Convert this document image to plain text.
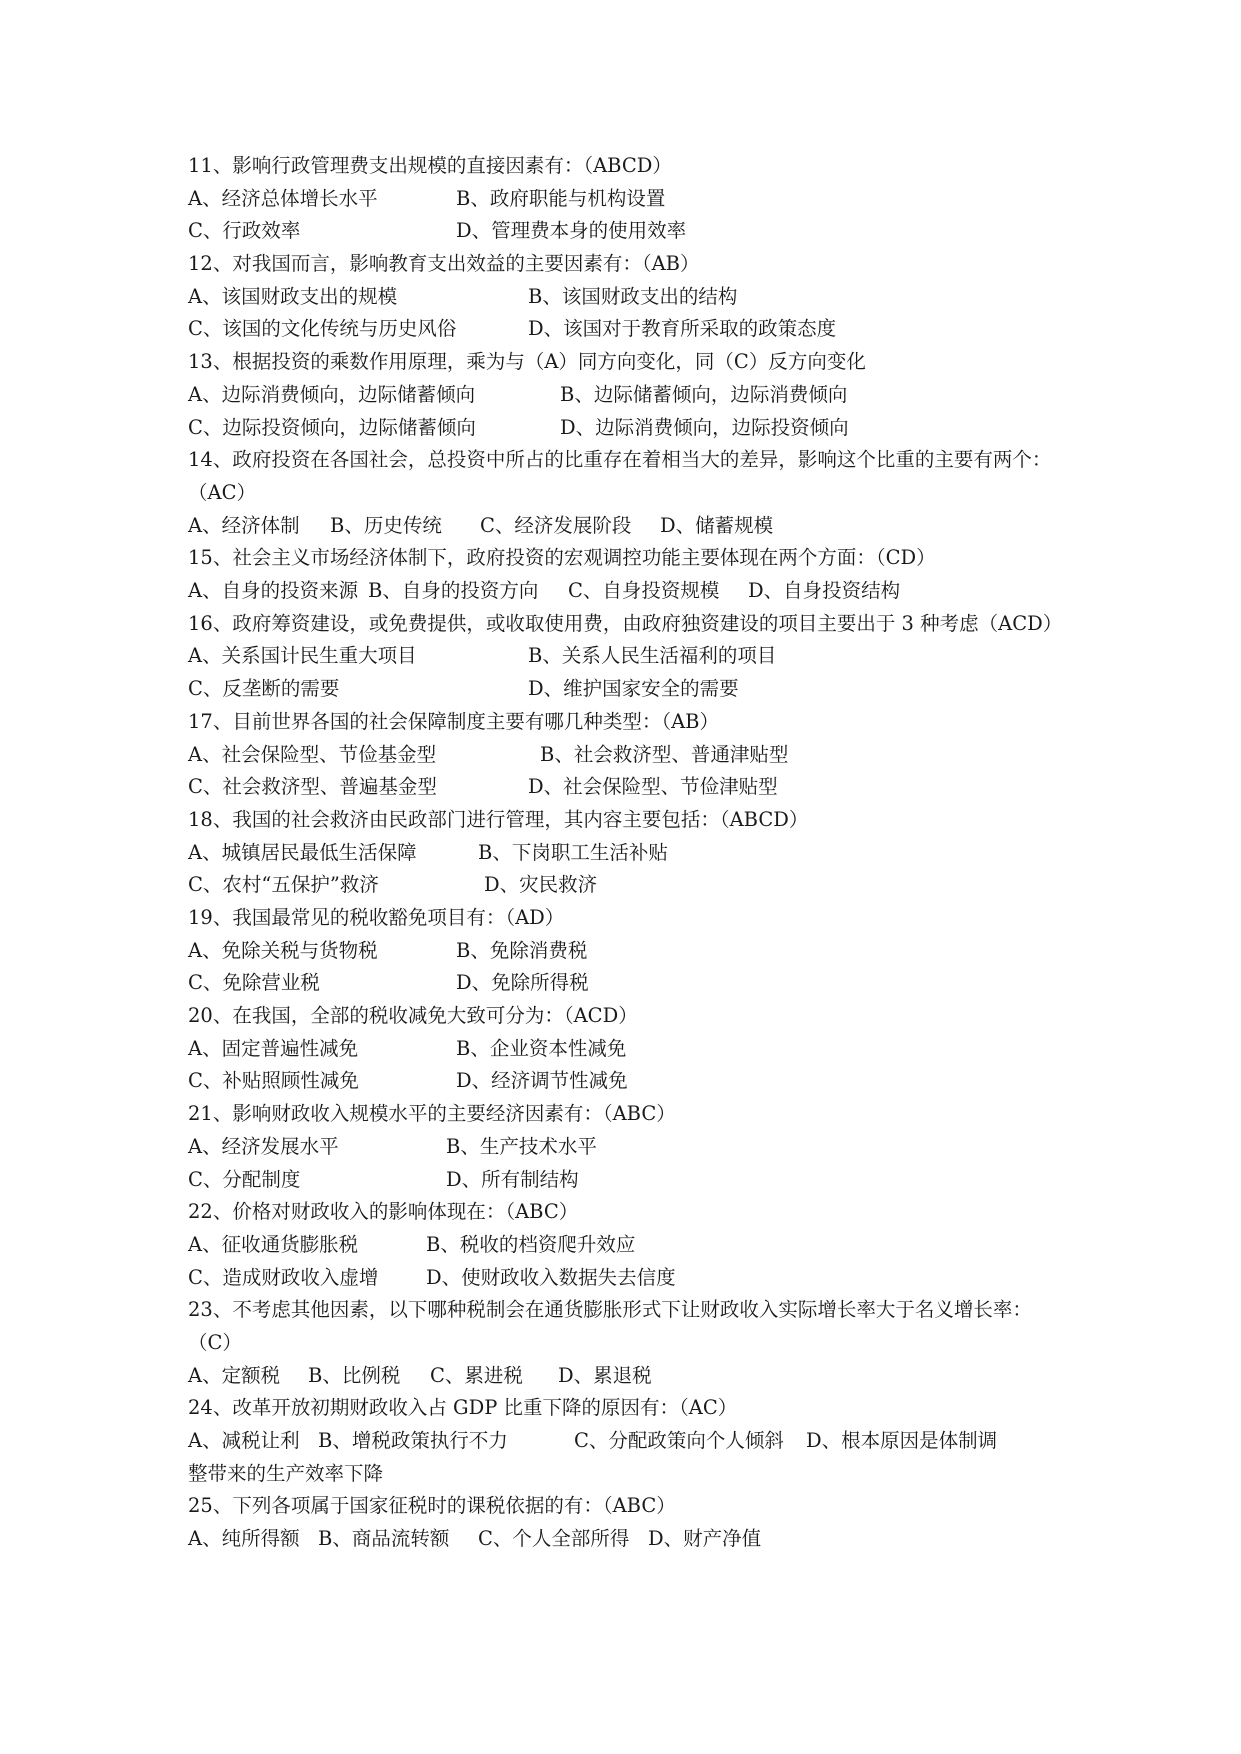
11、影响行政管理费支出规模的直接因素有：（ABCD）
A、经济总体增长水平	B、政府职能与机构设置
C、行政效率	D、管理费本身的使用效率
12、对我国而言，影响教育支出效益的主要因素有：（AB）
A、该国财政支出的规模	B、该国财政支出的结构
C、该国的文化传统与历史风俗	D、该国对于教育所采取的政策态度
13、根据投资的乘数作用原理，乘为与（A）同方向变化，同（C）反方向变化
A、边际消费倾向，边际储蓄倾向	B、边际储蓄倾向，边际消费倾向
C、边际投资倾向，边际储蓄倾向	D、边际消费倾向，边际投资倾向
14、政府投资在各国社会，总投资中所占的比重存在着相当大的差异，影响这个比重的主要有两个：（AC）
A、经济体制 B、历史传统 C、经济发展阶段 D、储蓄规模
15、社会主义市场经济体制下，政府投资的宏观调控功能主要体现在两个方面：（CD）
A、自身的投资来源 B、自身的投资方向 C、自身投资规模 D、自身投资结构
16、政府筹资建设，或免费提供，或收取使用费，由政府独资建设的项目主要出于 3 种考虑（ACD）
A、关系国计民生重大项目	B、关系人民生活福利的项目
C、反垄断的需要	D、维护国家安全的需要
17、目前世界各国的社会保障制度主要有哪几种类型：（AB）
A、社会保险型、节俭基金型	B、社会救济型、普通津贴型
C、社会救济型、普遍基金型	D、社会保险型、节俭津贴型
18、我国的社会救济由民政部门进行管理，其内容主要包括：（ABCD）
A、城镇居民最低生活保障	B、下岗职工生活补贴
C、农村“五保护”救济	D、灾民救济
19、我国最常见的税收豁免项目有：（AD）
A、免除关税与货物税	B、免除消费税
C、免除营业税	D、免除所得税
20、在我国，全部的税收减免大致可分为：（ACD）
A、固定普遍性减免	B、企业资本性减免
C、补贴照顾性减免	D、经济调节性减免
21、影响财政收入规模水平的主要经济因素有：（ABC）
A、经济发展水平	B、生产技术水平
C、分配制度	D、所有制结构
22、价格对财政收入的影响体现在：（ABC）
A、征收通货膨胀税	B、税收的档资爬升效应
C、造成财政收入虚增 D、使财政收入数据失去信度
23、不考虑其他因素，以下哪种税制会在通货膨胀形式下让财政收入实际增长率大于名义增长率：（C）
A、定额税 B、比例税 C、累进税 D、累退税
24、改革开放初期财政收入占 GDP 比重下降的原因有：（AC）
A、减税让利 B、增税政策执行不力	C、分配政策向个人倾斜 D、根本原因是体制调
整带来的生产效率下降
25、下列各项属于国家征税时的课税依据的有：（ABC）
A、纯所得额 B、商品流转额 C、个人全部所得 D、财产净值
